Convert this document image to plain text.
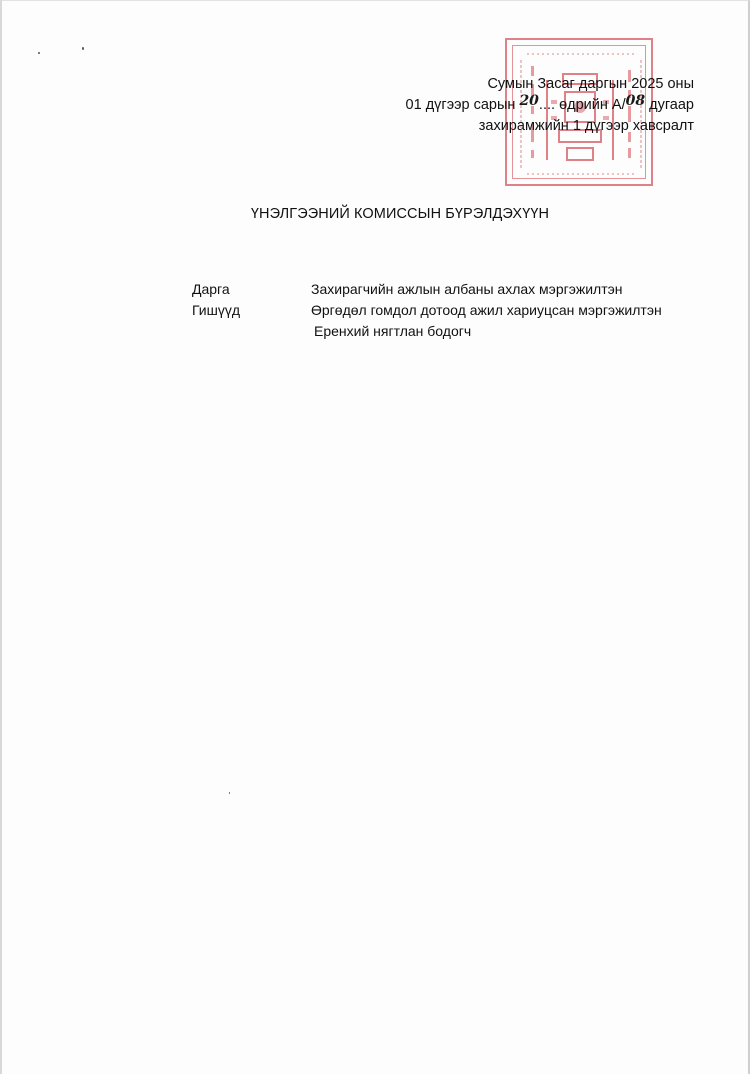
Сумын Засаг даргын 2025 оны
01 дүгээр сарын 20.... өдрийн А/08 дугаар
захирамжийн 1 дүгээр хавсралт
ҮНЭЛГЭЭНИЙ КОМИССЫН БҮРЭЛДЭХҮҮН
Дарга	Захирагчийн ажлын албаны ахлах мэргэжилтэн
Гишүүд	Өргөдөл гомдол дотоод ажил хариуцсан мэргэжилтэн
Еренхий нягтлан бодогч
